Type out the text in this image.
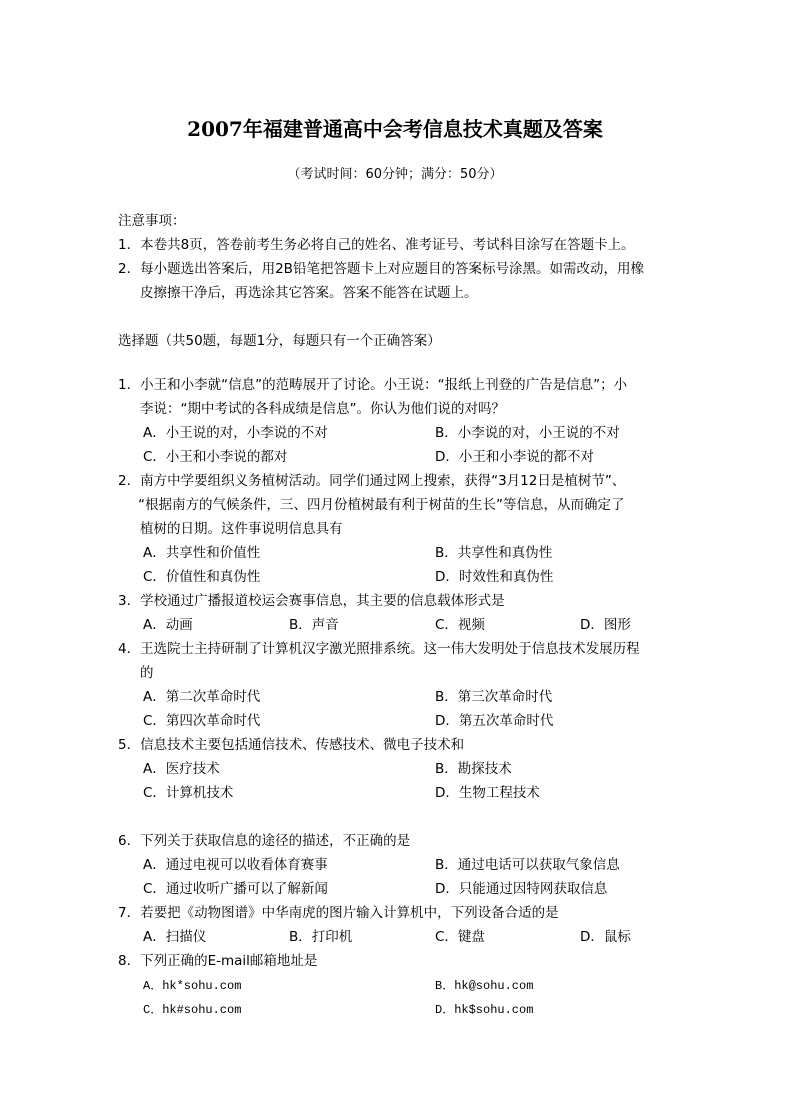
2007年福建普通高中会考信息技术真题及答案
（考试时间：60分钟；满分：50分）
注意事项：
1．本卷共8页，答卷前考生务必将自己的姓名、准考证号、考试科目涂写在答题卡上。
2．每小题选出答案后，用2B铅笔把答题卡上对应题目的答案标号涂黑。如需改动，用橡
皮擦擦干净后，再选涂其它答案。答案不能答在试题上。
选择题（共50题，每题1分，每题只有一个正确答案）
1．小王和小李就“信息”的范畴展开了讨论。小王说：“报纸上刊登的广告是信息”；小
李说：“期中考试的各科成绩是信息”。你认为他们说的对吗？
A．小王说的对，小李说的不对	B．小李说的对，小王说的不对
C．小王和小李说的都对	D．小王和小李说的都不对
2．南方中学要组织义务植树活动。同学们通过网上搜索，获得“3月12日是植树节”、
“根据南方的气候条件，三、四月份植树最有利于树苗的生长”等信息，从而确定了
植树的日期。这件事说明信息具有
A．共享性和价值性	B．共享性和真伪性
C．价值性和真伪性	D．时效性和真伪性
3．学校通过广播报道校运会赛事信息，其主要的信息载体形式是
A．动画	B．声音	C．视频	D．图形
4．王选院士主持研制了计算机汉字激光照排系统。这一伟大发明处于信息技术发展历程
的
A．第二次革命时代	B．第三次革命时代
C．第四次革命时代	D．第五次革命时代
5．信息技术主要包括通信技术、传感技术、微电子技术和
A．医疗技术	B．勘探技术
C．计算机技术	D．生物工程技术
6．下列关于获取信息的途径的描述，不正确的是
A．通过电视可以收看体育赛事	B．通过电话可以获取气象信息
C．通过收听广播可以了解新闻	D．只能通过因特网获取信息
7．若要把《动物图谱》中华南虎的图片输入计算机中，下列设备合适的是
A．扫描仪	B．打印机	C．键盘	D．鼠标
8．下列正确的E-mail邮箱地址是
A．hk*sohu.com	B．hk@sohu.com
C．hk#sohu.com	D．hk$sohu.com
